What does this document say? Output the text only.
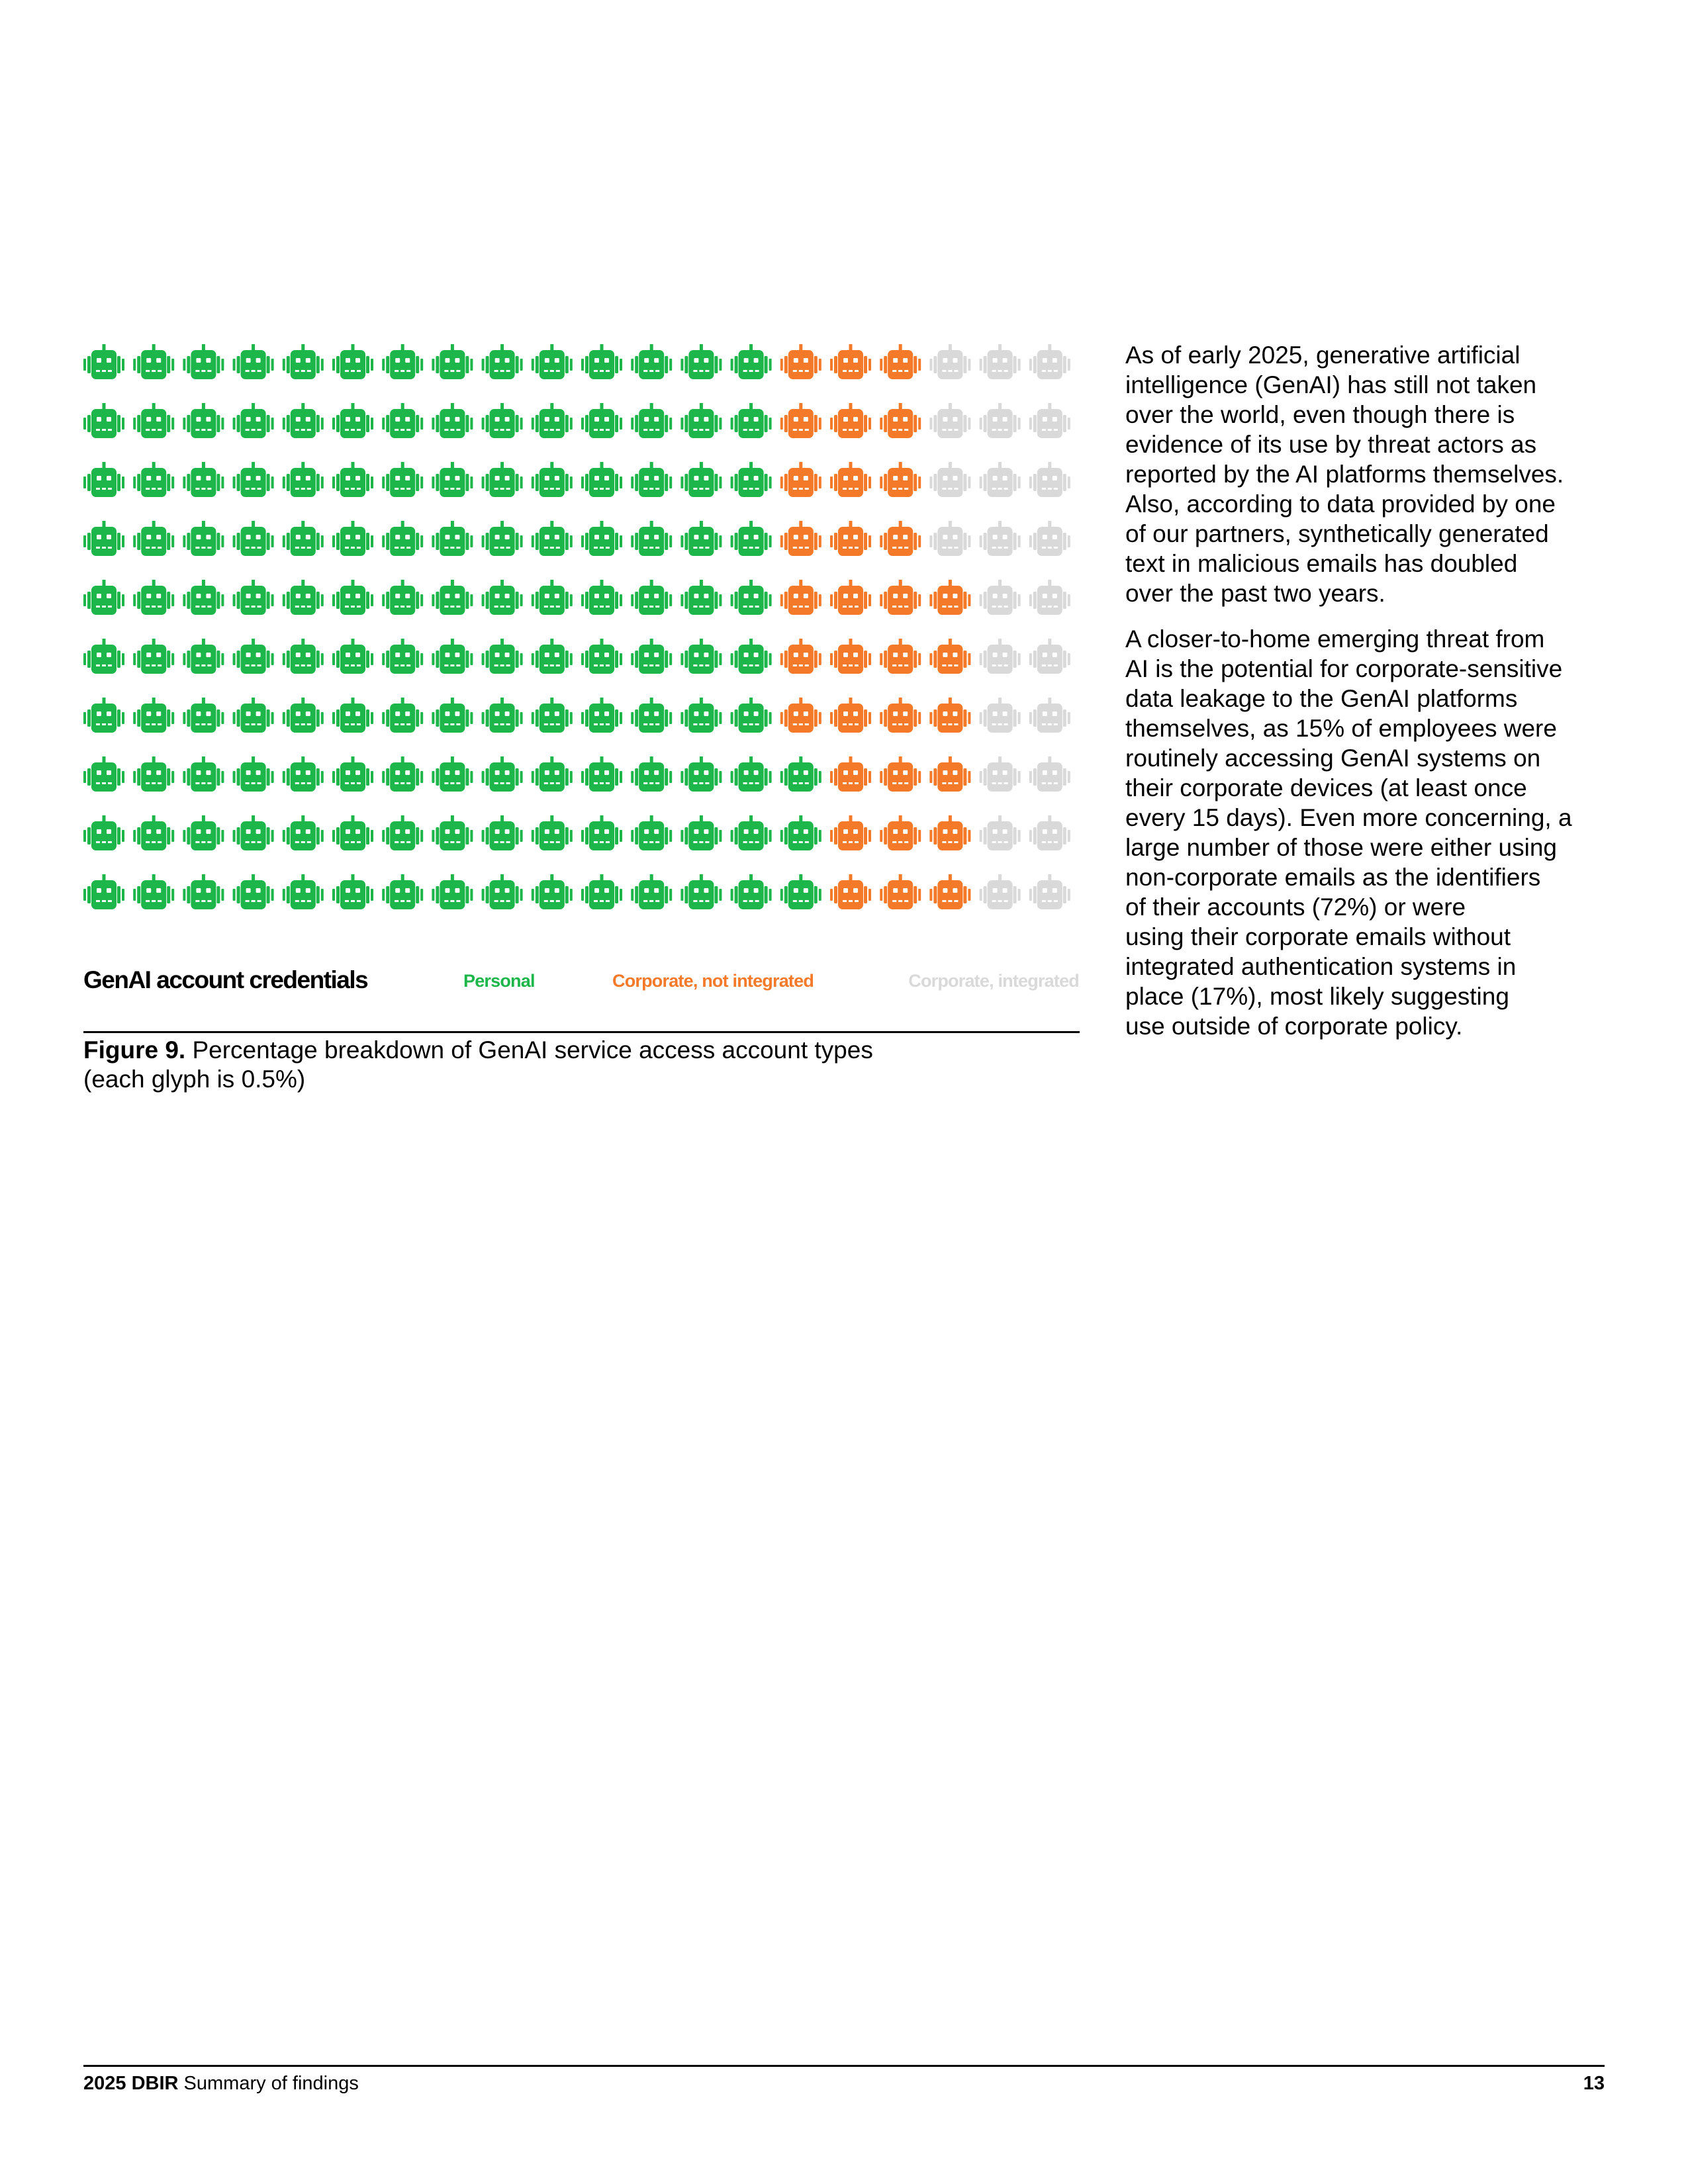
GenAI account credentials	Personal	Corporate, not integrated	Corporate, integrated

Figure 9. Percentage breakdown of GenAI service access account types
(each glyph is 0.5%)

As of early 2025, generative artificial
intelligence (GenAI) has still not taken
over the world, even though there is
evidence of its use by threat actors as
reported by the AI platforms themselves.
Also, according to data provided by one
of our partners, synthetically generated
text in malicious emails has doubled
over the past two years.

A closer-to-home emerging threat from
AI is the potential for corporate-sensitive
data leakage to the GenAI platforms
themselves, as 15% of employees were
routinely accessing GenAI systems on
their corporate devices (at least once
every 15 days). Even more concerning, a
large number of those were either using
non-corporate emails as the identifiers
of their accounts (72%) or were
using their corporate emails without
integrated authentication systems in
place (17%), most likely suggesting
use outside of corporate policy.

2025 DBIR Summary of findings	13
